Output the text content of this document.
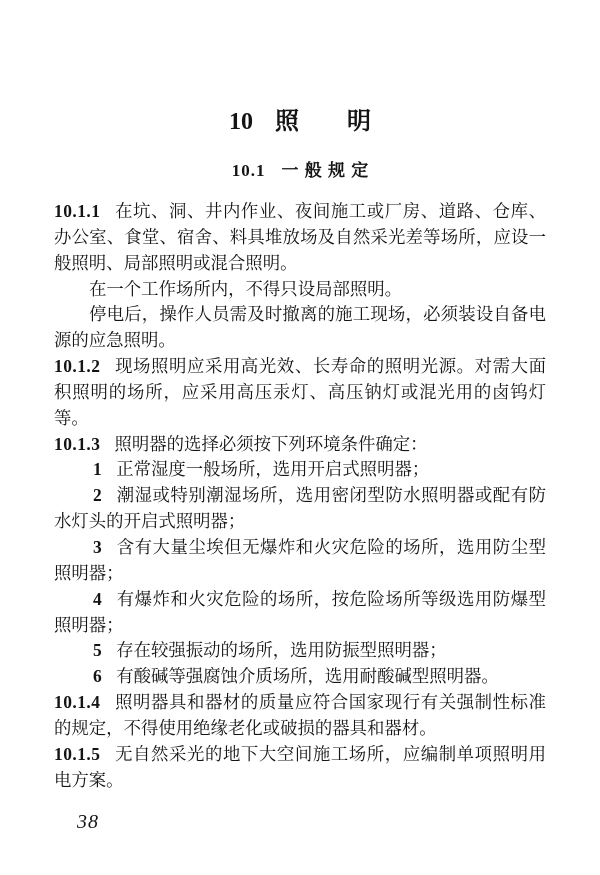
10 照 明
10.1 一 般 规 定
10.1.1 在坑、洞、井内作业、夜间施工或厂房、道路、仓库、
办公室、食堂、宿舍、料具堆放场及自然采光差等场所，应设一
般照明、局部照明或混合照明。
在一个工作场所内，不得只设局部照明。
停电后，操作人员需及时撤离的施工现场，必须装设自备电
源的应急照明。
10.1.2 现场照明应采用高光效、长寿命的照明光源。对需大面
积照明的场所，应采用高压汞灯、高压钠灯或混光用的卤钨灯
等。
10.1.3 照明器的选择必须按下列环境条件确定：
1 正常湿度一般场所，选用开启式照明器；
2 潮湿或特别潮湿场所，选用密闭型防水照明器或配有防
水灯头的开启式照明器；
3 含有大量尘埃但无爆炸和火灾危险的场所，选用防尘型
照明器；
4 有爆炸和火灾危险的场所，按危险场所等级选用防爆型
照明器；
5 存在较强振动的场所，选用防振型照明器；
6 有酸碱等强腐蚀介质场所，选用耐酸碱型照明器。
10.1.4 照明器具和器材的质量应符合国家现行有关强制性标准
的规定，不得使用绝缘老化或破损的器具和器材。
10.1.5 无自然采光的地下大空间施工场所，应编制单项照明用
电方案。
38
